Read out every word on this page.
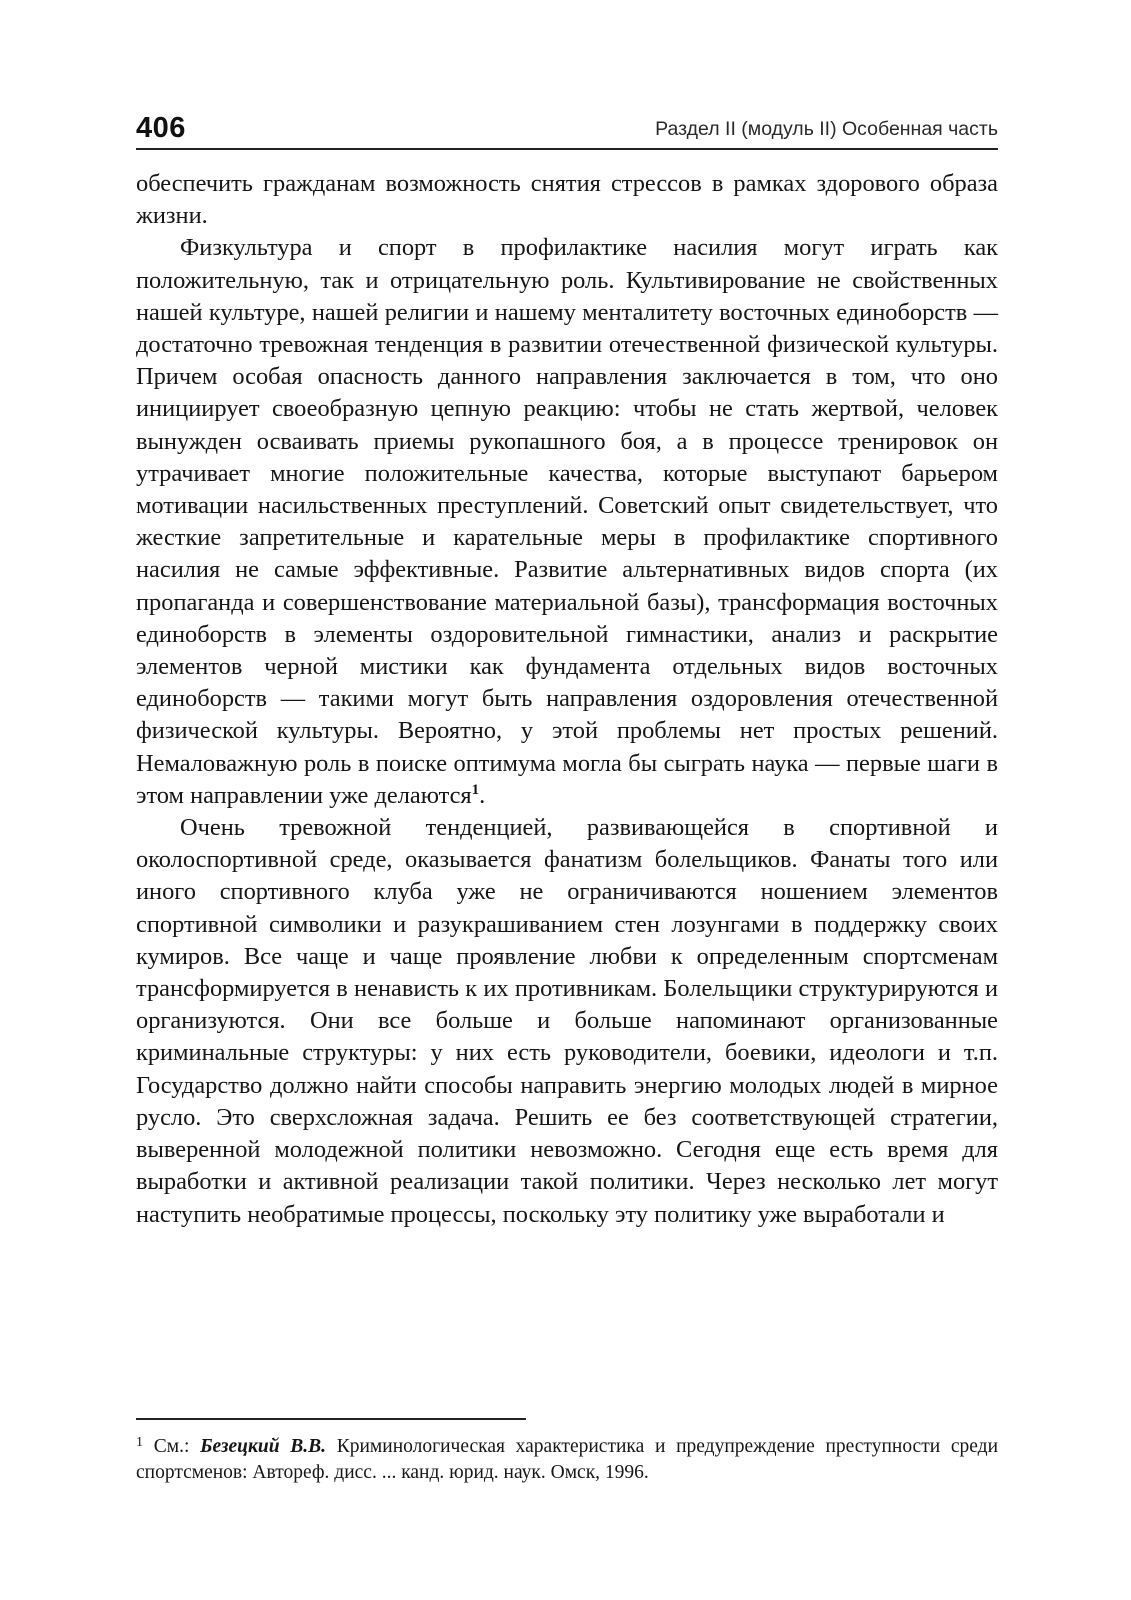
406	Раздел II (модуль II) Особенная часть

обеспечить гражданам возможность снятия стрессов в рамках здорового образа жизни.

Физкультура и спорт в профилактике насилия могут играть как положительную, так и отрицательную роль. Культивирование не свойственных нашей культуре, нашей религии и нашему менталитету восточных единоборств — достаточно тревожная тенденция в развитии отечественной физической культуры. Причем особая опасность данного направления заключается в том, что оно инициирует своеобразную цепную реакцию: чтобы не стать жертвой, человек вынужден осваивать приемы рукопашного боя, а в процессе тренировок он утрачивает многие положительные качества, которые выступают барьером мотивации насильственных преступлений. Советский опыт свидетельствует, что жесткие запретительные и карательные меры в профилактике спортивного насилия не самые эффективные. Развитие альтернативных видов спорта (их пропаганда и совершенствование материальной базы), трансформация восточных единоборств в элементы оздоровительной гимнастики, анализ и раскрытие элементов черной мистики как фундамента отдельных видов восточных единоборств — такими могут быть направления оздоровления отечественной физической культуры. Вероятно, у этой проблемы нет простых решений. Немаловажную роль в поиске оптимума могла бы сыграть наука — первые шаги в этом направлении уже делаются$^1$.

Очень тревожной тенденцией, развивающейся в спортивной и околоспортивной среде, оказывается фанатизм болельщиков. Фанаты того или иного спортивного клуба уже не ограничиваются ношением элементов спортивной символики и разукрашиванием стен лозунгами в поддержку своих кумиров. Все чаще и чаще проявление любви к определенным спортсменам трансформируется в ненависть к их противникам. Болельщики структурируются и организуются. Они все больше и больше напоминают организованные криминальные структуры: у них есть руководители, боевики, идеологи и т.п. Государство должно найти способы направить энергию молодых людей в мирное русло. Это сверхсложная задача. Решить ее без соответствующей стратегии, выверенной молодежной политики невозможно. Сегодня еще есть время для выработки и активной реализации такой политики. Через несколько лет могут наступить необратимые процессы, поскольку эту политику уже выработали и

$^1$ См.: Безецкий В.В. Криминологическая характеристика и предупреждение преступности среди спортсменов: Автореф. дисс. ... канд. юрид. наук. Омск, 1996.
